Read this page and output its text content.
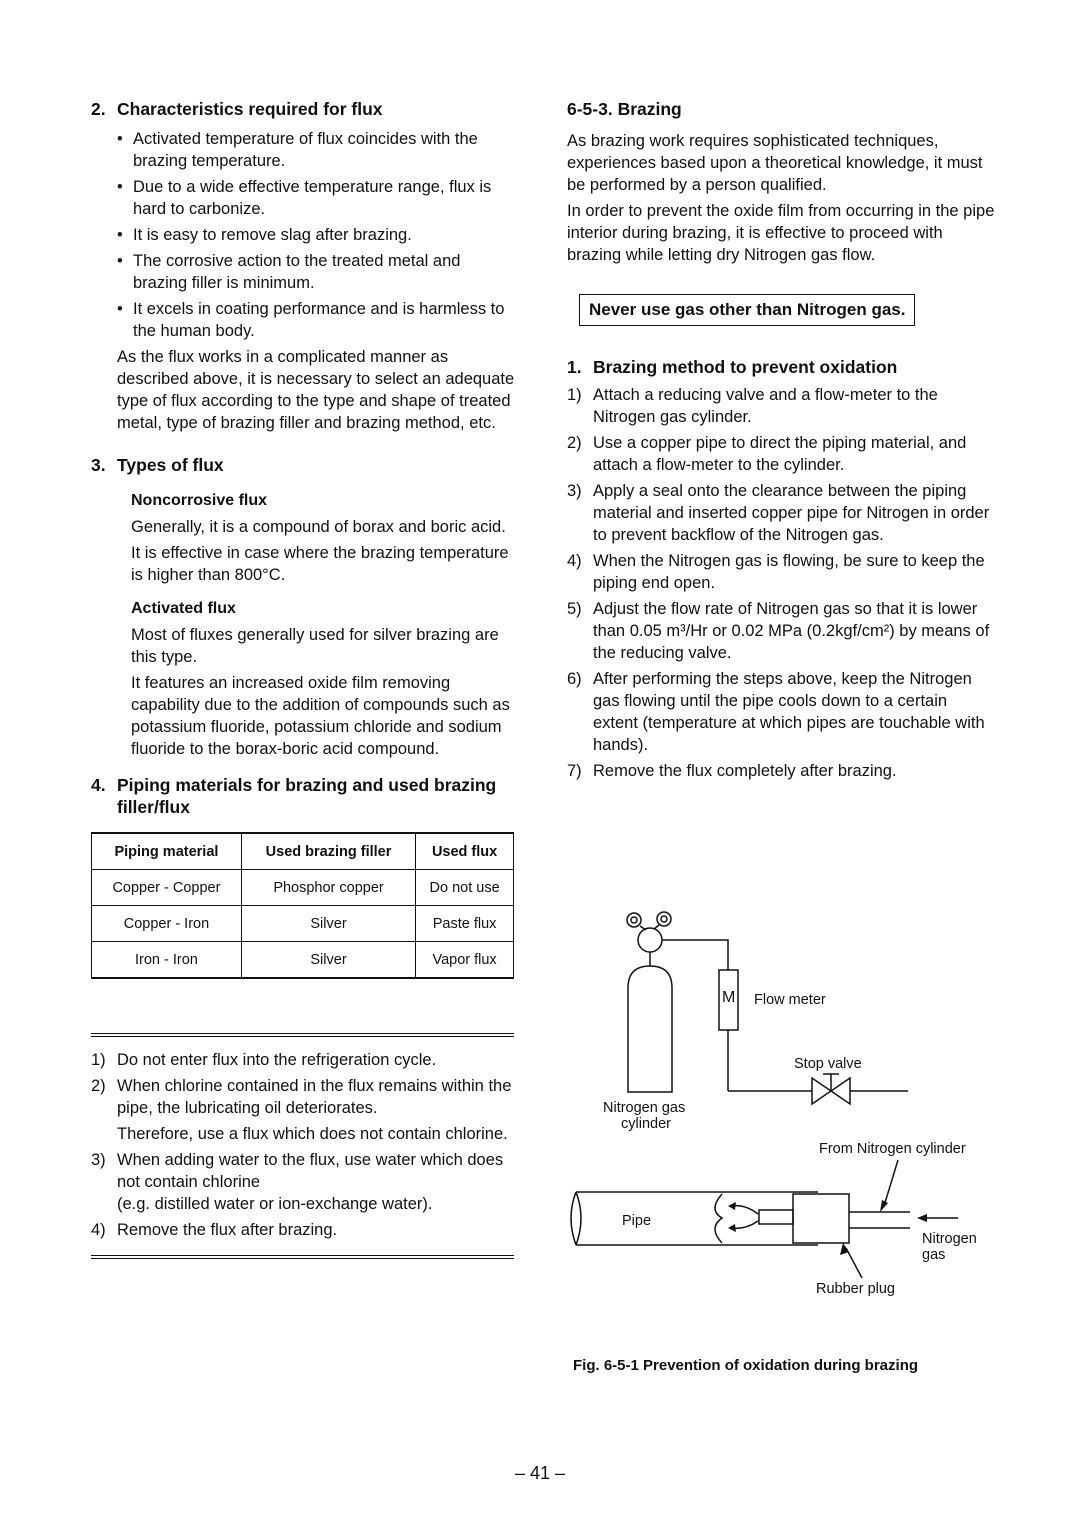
2. Characteristics required for flux

• Activated temperature of flux coincides with the brazing temperature.
• Due to a wide effective temperature range, flux is hard to carbonize.
• It is easy to remove slag after brazing.
• The corrosive action to the treated metal and brazing filler is minimum.
• It excels in coating performance and is harmless to the human body.

As the flux works in a complicated manner as described above, it is necessary to select an adequate type of flux according to the type and shape of treated metal, type of brazing filler and brazing method, etc.

3. Types of flux

Noncorrosive flux

Generally, it is a compound of borax and boric acid.

It is effective in case where the brazing temperature is higher than 800°C.

Activated flux

Most of fluxes generally used for silver brazing are this type.

It features an increased oxide film removing capability due to the addition of compounds such as potassium fluoride, potassium chloride and sodium fluoride to the borax-boric acid compound.

4. Piping materials for brazing and used brazing filler/flux

Piping material	Used brazing filler	Used flux
Copper - Copper	Phosphor copper	Do not use
Copper - Iron	Silver	Paste flux
Iron - Iron	Silver	Vapor flux
1) Do not enter flux into the refrigeration cycle.
2) When chlorine contained in the flux remains within the pipe, the lubricating oil deteriorates.
Therefore, use a flux which does not contain chlorine.
3) When adding water to the flux, use water which does not contain chlorine
(e.g. distilled water or ion-exchange water).
4) Remove the flux after brazing.

6-5-3. Brazing

As brazing work requires sophisticated techniques, experiences based upon a theoretical knowledge, it must be performed by a person qualified.

In order to prevent the oxide film from occurring in the pipe interior during brazing, it is effective to proceed with brazing while letting dry Nitrogen gas flow.

Never use gas other than Nitrogen gas.

1. Brazing method to prevent oxidation

1) Attach a reducing valve and a flow-meter to the Nitrogen gas cylinder.
2) Use a copper pipe to direct the piping material, and attach a flow-meter to the cylinder.
3) Apply a seal onto the clearance between the piping material and inserted copper pipe for Nitrogen in order to prevent backflow of the Nitrogen gas.
4) When the Nitrogen gas is flowing, be sure to keep the piping end open.
5) Adjust the flow rate of Nitrogen gas so that it is lower than 0.05 m³/Hr or 0.02 MPa (0.2kgf/cm²) by means of the reducing valve.
6) After performing the steps above, keep the Nitrogen gas flowing until the pipe cools down to a certain extent (temperature at which pipes are touchable with hands).
7) Remove the flux completely after brazing.
M Flow meter
Stop valve
Nitrogen gas
cylinder
From Nitrogen cylinder
Pipe
Nitrogen
gas
Rubber plug
Fig. 6-5-1 Prevention of oxidation during brazing
– 41 –
